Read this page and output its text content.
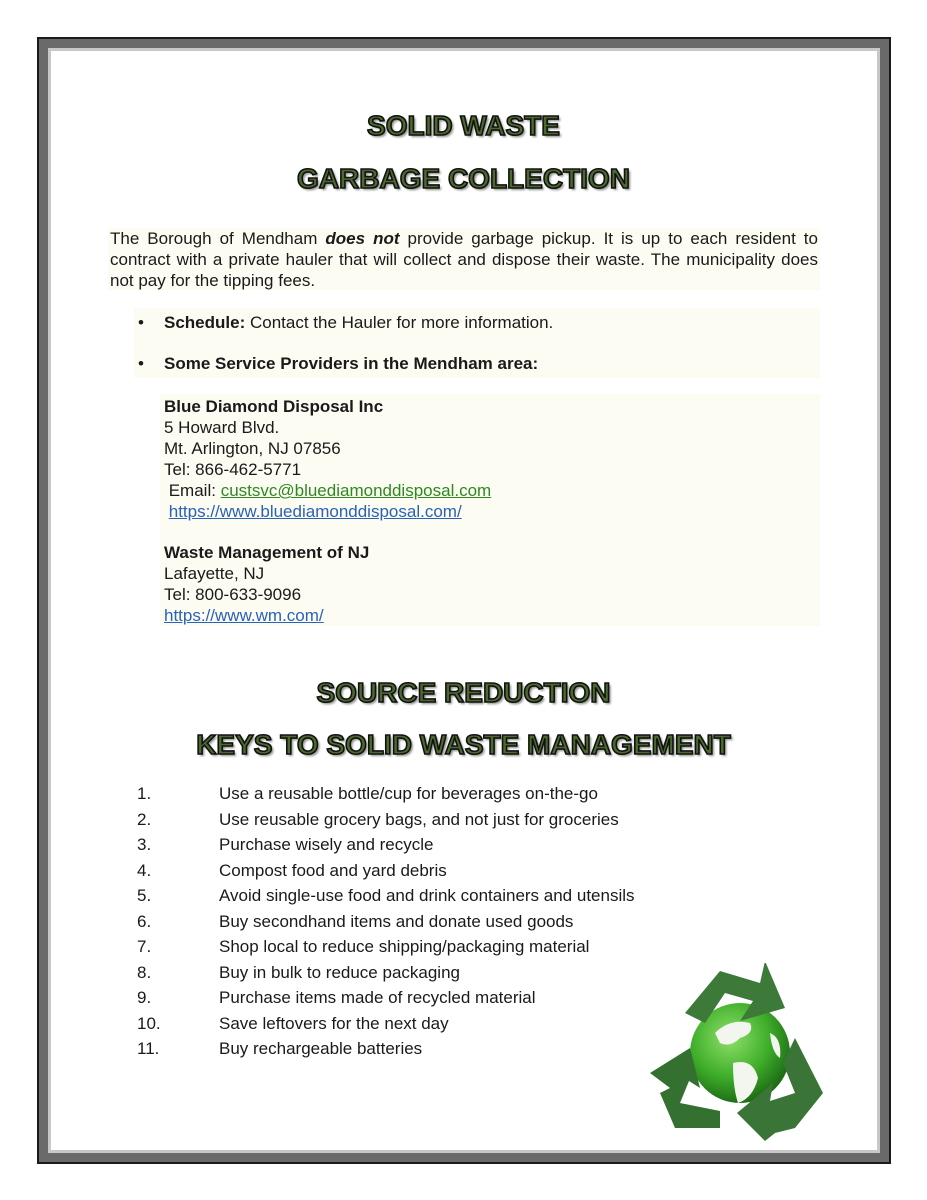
SOLID WASTE
GARBAGE COLLECTION
The Borough of Mendham does not provide garbage pickup. It is up to each resident to contract with a private hauler that will collect and dispose their waste. The municipality does not pay for the tipping fees.
• Schedule: Contact the Hauler for more information.
• Some Service Providers in the Mendham area:
Blue Diamond Disposal Inc
5 Howard Blvd.
Mt. Arlington, NJ 07856
Tel: 866-462-5771
Email: custsvc@bluediamonddisposal.com
https://www.bluediamonddisposal.com/
Waste Management of NJ
Lafayette, NJ
Tel: 800-633-9096
https://www.wm.com/
SOURCE REDUCTION
KEYS TO SOLID WASTE MANAGEMENT
1.	Use a reusable bottle/cup for beverages on-the-go
2.	Use reusable grocery bags, and not just for groceries
3.	Purchase wisely and recycle
4.	Compost food and yard debris
5.	Avoid single-use food and drink containers and utensils
6.	Buy secondhand items and donate used goods
7.	Shop local to reduce shipping/packaging material
8.	Buy in bulk to reduce packaging
9.	Purchase items made of recycled material
10.	Save leftovers for the next day
11.	Buy rechargeable batteries
